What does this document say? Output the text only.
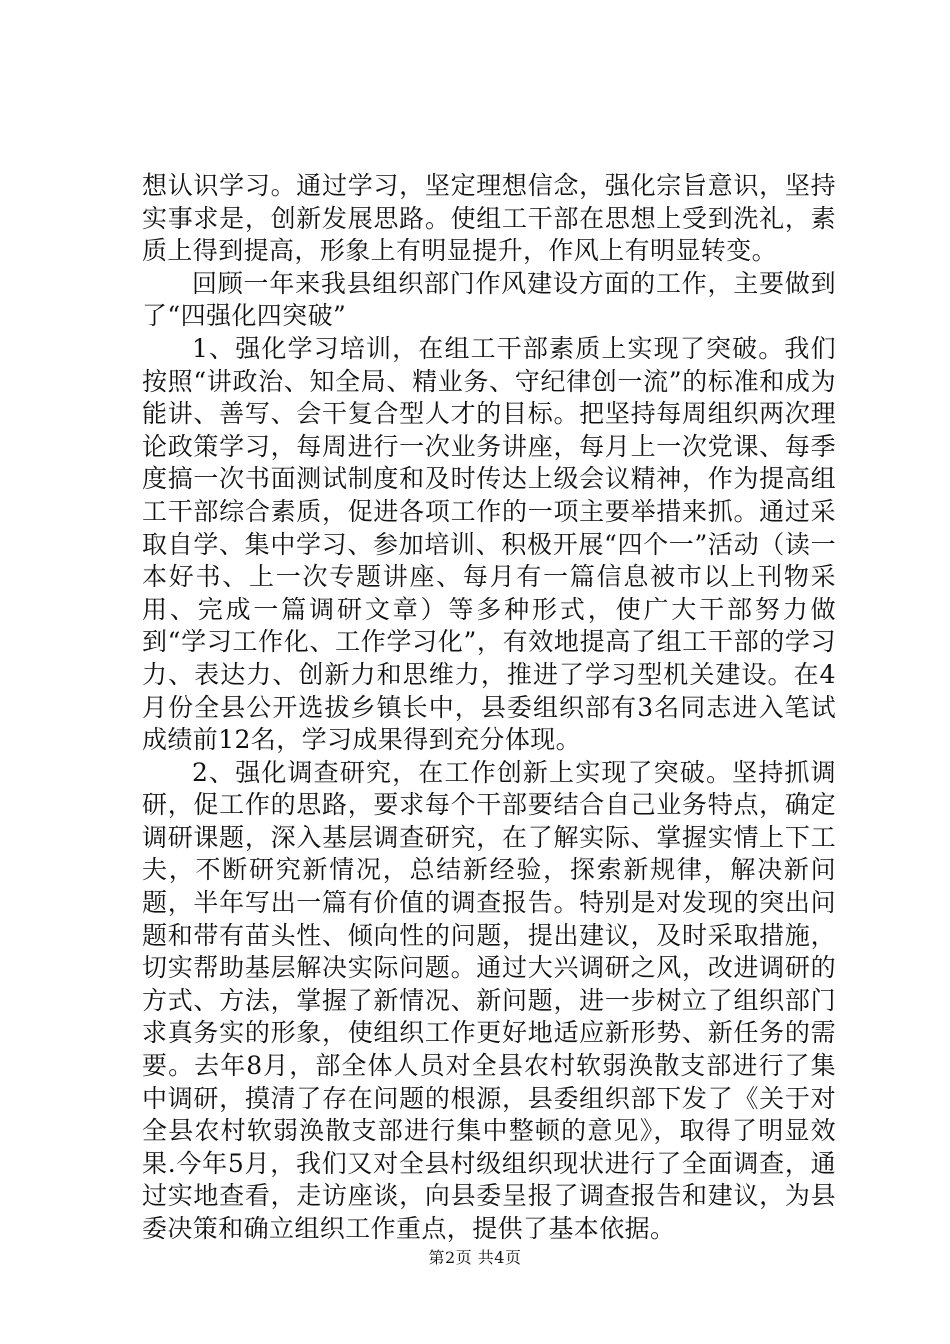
想认识学习。通过学习，坚定理想信念，强化宗旨意识，坚持实事求是，创新发展思路。使组工干部在思想上受到洗礼，素质上得到提高，形象上有明显提升，作风上有明显转变。

回顾一年来我县组织部门作风建设方面的工作，主要做到了“四强化四突破”

1、强化学习培训，在组工干部素质上实现了突破。我们按照“讲政治、知全局、精业务、守纪律创一流”的标准和成为能讲、善写、会干复合型人才的目标。把坚持每周组织两次理论政策学习，每周进行一次业务讲座，每月上一次党课、每季度搞一次书面测试制度和及时传达上级会议精神，作为提高组工干部综合素质，促进各项工作的一项主要举措来抓。通过采取自学、集中学习、参加培训、积极开展“四个一”活动（读一本好书、上一次专题讲座、每月有一篇信息被市以上刊物采用、完成一篇调研文章）等多种形式，使广大干部努力做到“学习工作化、工作学习化”，有效地提高了组工干部的学习力、表达力、创新力和思维力，推进了学习型机关建设。在4月份全县公开选拔乡镇长中，县委组织部有3名同志进入笔试成绩前12名，学习成果得到充分体现。

2、强化调查研究，在工作创新上实现了突破。坚持抓调研，促工作的思路，要求每个干部要结合自己业务特点，确定调研课题，深入基层调查研究，在了解实际、掌握实情上下工夫，不断研究新情况，总结新经验，探索新规律，解决新问题，半年写出一篇有价值的调查报告。特别是对发现的突出问题和带有苗头性、倾向性的问题，提出建议，及时采取措施，切实帮助基层解决实际问题。通过大兴调研之风，改进调研的方式、方法，掌握了新情况、新问题，进一步树立了组织部门求真务实的形象，使组织工作更好地适应新形势、新任务的需要。去年8月，部全体人员对全县农村软弱涣散支部进行了集中调研，摸清了存在问题的根源，县委组织部下发了《关于对全县农村软弱涣散支部进行集中整顿的意见》，取得了明显效果.今年5月，我们又对全县村级组织现状进行了全面调查，通过实地查看，走访座谈，向县委呈报了调查报告和建议，为县委决策和确立组织工作重点，提供了基本依据。

第2页 共4页
